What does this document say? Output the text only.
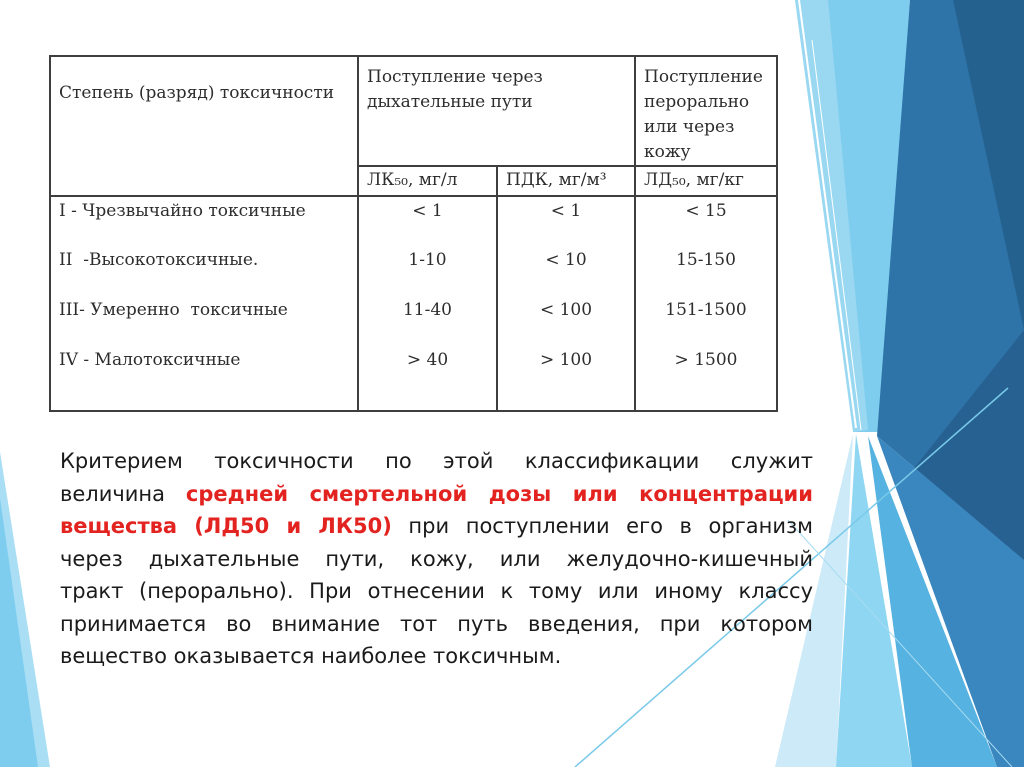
Степень (разряд) токсичности	Поступление через дыхательные пути		Поступление перорально или через кожу
	ЛК₅₀, мг/л	ПДК, мг/м³	ЛД₅₀, мг/кг
I - Чрезвычайно токсичные	< 1	< 1	< 15
II  -Высокотоксичные.	1-10	< 10	15-150
III- Умеренно  токсичные	11-40	< 100	151-1500
IV - Малотоксичные	> 40	> 100	> 1500

Критерием токсичности по этой классификации служит
величина средней смертельной дозы или концентрации
вещества (ЛД50 и ЛК50) при поступлении его в организм
через дыхательные пути, кожу, или желудочно-кишечный
тракт (перорально). При отнесении к тому или иному классу
принимается во внимание тот путь введения, при котором
вещество оказывается наиболее токсичным.
